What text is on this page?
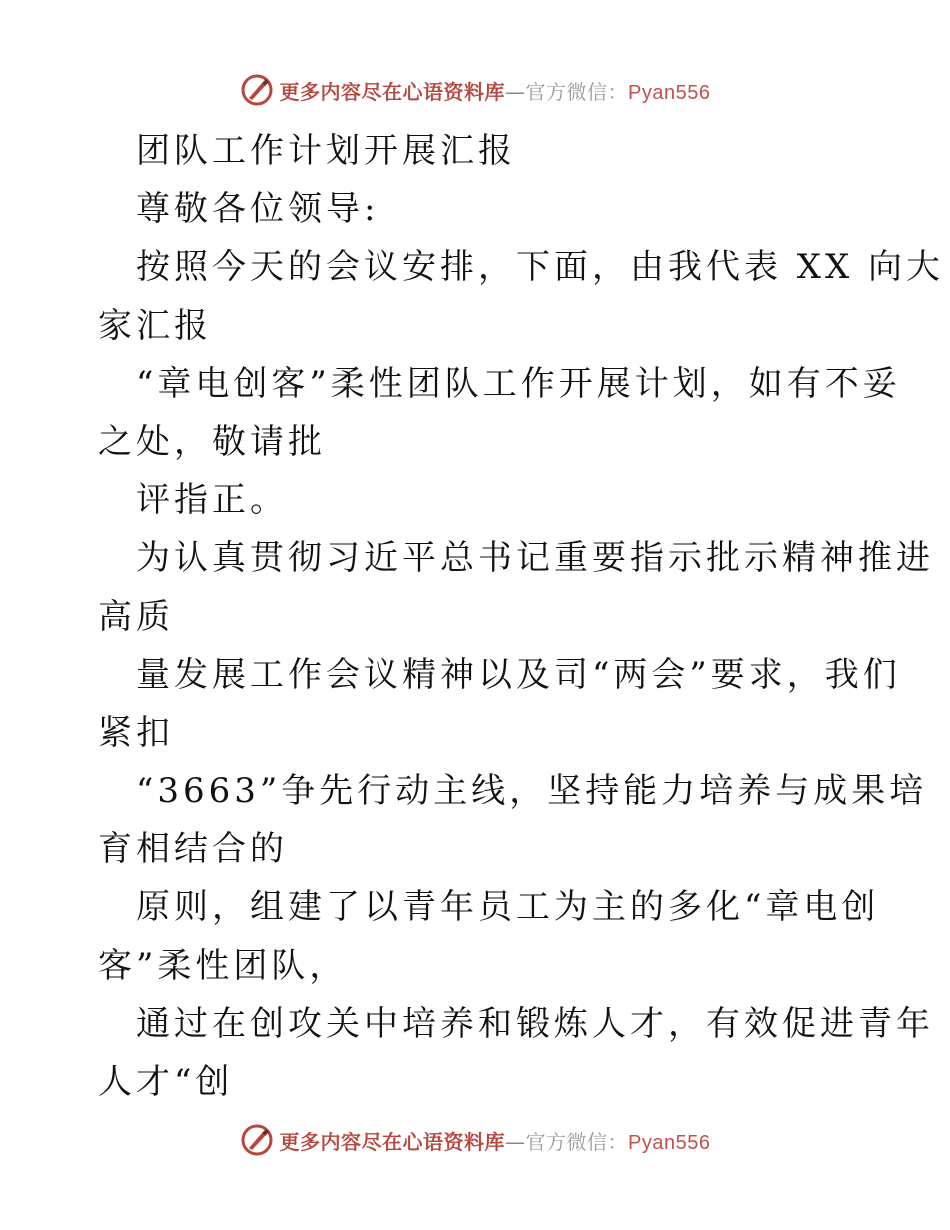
更多内容尽在心语资料库—官方微信：Pyan556
团队工作计划开展汇报
尊敬各位领导:
按照今天的会议安排，下面，由我代表 XX 向大
家汇报
“章电创客”柔性团队工作开展计划，如有不妥
之处，敬请批
评指正。
为认真贯彻习近平总书记重要指示批示精神推进
高质
量发展工作会议精神以及司“两会”要求，我们
紧扣
“3663”争先行动主线，坚持能力培养与成果培
育相结合的
原则，组建了以青年员工为主的多化“章电创
客”柔性团队，
通过在创攻关中培养和锻炼人才，有效促进青年
人才“创
更多内容尽在心语资料库—官方微信：Pyan556
